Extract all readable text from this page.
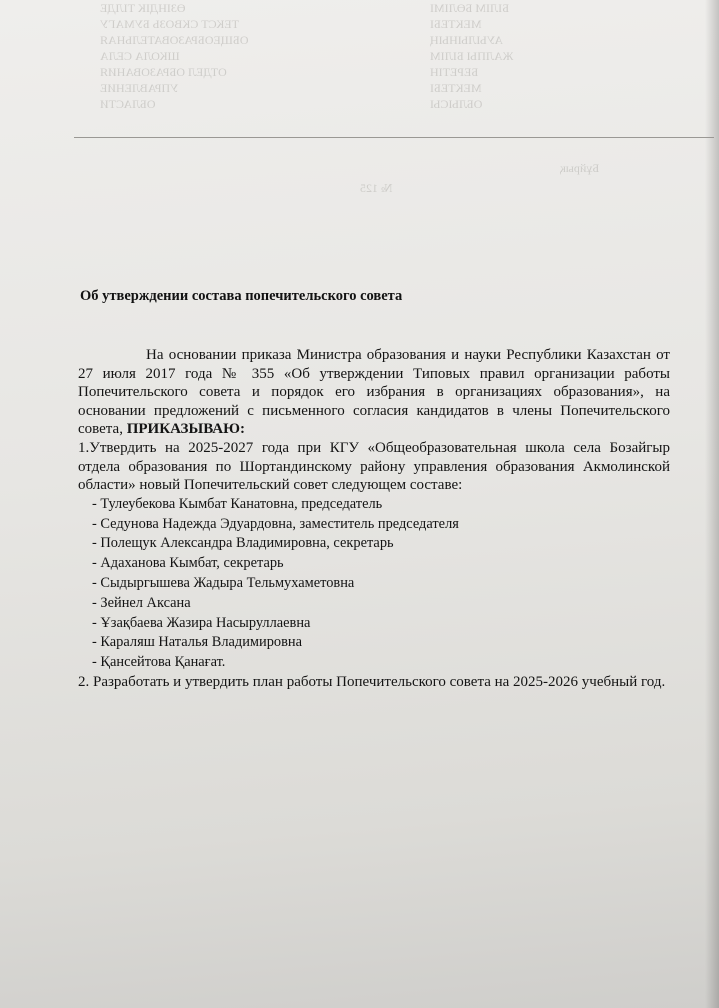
ӨЗІНДІК ТІЛДЕ
ТЕКСТ СКВОЗЬ БУМАГУ
ОБЩЕОБРАЗОВАТЕЛЬНАЯ
ШКОЛА СЕЛА
ОТДЕЛ ОБРАЗОВАНИЯ
УПРАВЛЕНИЕ
ОБЛАСТИ
БІЛІМ БӨЛІМІ
МЕКТЕБІ
АУЫЛЫНЫҢ
ЖАЛПЫ БІЛІМ
БЕРЕТІН
МЕКТЕБІ
ОБЛЫСЫ
Бұйрық
№ 125
Об утверждении состава попечительского совета
На основании приказа Министра образования и науки Республики Казахстан от 27 июля 2017 года № 355 «Об утверждении Типовых правил организации работы Попечительского совета и порядок его избрания в организациях образования», на основании предложений с письменного согласия кандидатов в члены Попечительского совета, ПРИКАЗЫВАЮ:
1.Утвердить на 2025-2027 года при КГУ «Общеобразовательная школа села Бозайгыр отдела образования по Шортандинскому району управления образования Акмолинской области» новый Попечительский совет следующем составе:
- Тулеубекова Кымбат Канатовна, председатель
- Седунова Надежда Эдуардовна, заместитель председателя
- Полещук Александра Владимировна, секретарь
- Адаханова Кымбат, секретарь
- Сыдыргышева Жадыра Тельмухаметовна
- Зейнел Аксана
- Ұзақбаева Жазира Насыруллаевна
- Караляш Наталья Владимировна
- Қансейтова Қанағат.
2. Разработать и утвердить план работы Попечительского совета на 2025-2026 учебный год.
